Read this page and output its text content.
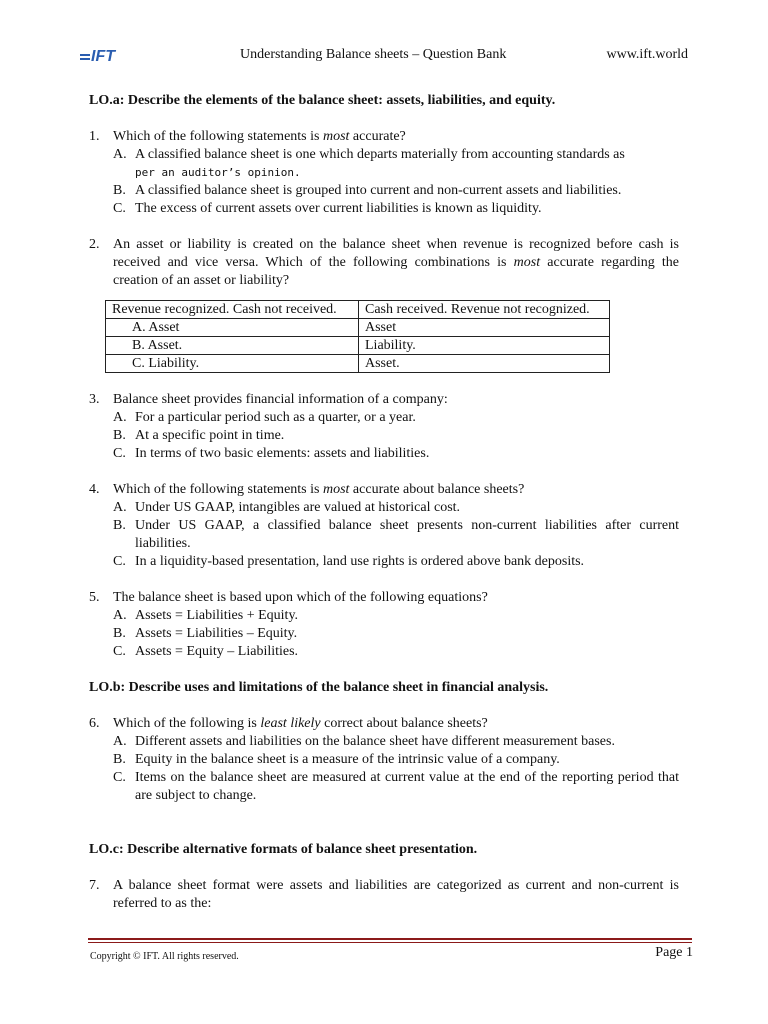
IFT	Understanding Balance sheets – Question Bank	www.ift.world

LO.a: Describe the elements of the balance sheet: assets, liabilities, and equity.

1. Which of the following statements is most accurate?
A. A classified balance sheet is one which departs materially from accounting standards as
per an auditor’s opinion.
B. A classified balance sheet is grouped into current and non-current assets and liabilities.
C. The excess of current assets over current liabilities is known as liquidity.
2. An asset or liability is created on the balance sheet when revenue is recognized before cash is received and vice versa. Which of the following combinations is most accurate regarding the creation of an asset or liability?
Revenue recognized. Cash not received.	Cash received. Revenue not recognized.
A. Asset	Asset
B. Asset.	Liability.
C. Liability.	Asset.
3. Balance sheet provides financial information of a company:
A. For a particular period such as a quarter, or a year.
B. At a specific point in time.
C. In terms of two basic elements: assets and liabilities.
4. Which of the following statements is most accurate about balance sheets?
A. Under US GAAP, intangibles are valued at historical cost.
B. Under US GAAP, a classified balance sheet presents non-current liabilities after current liabilities.
C. In a liquidity-based presentation, land use rights is ordered above bank deposits.
5. The balance sheet is based upon which of the following equations?
A. Assets = Liabilities + Equity.
B. Assets = Liabilities – Equity.
C. Assets = Equity – Liabilities.

LO.b: Describe uses and limitations of the balance sheet in financial analysis.

6. Which of the following is least likely correct about balance sheets?
A. Different assets and liabilities on the balance sheet have different measurement bases.
B. Equity in the balance sheet is a measure of the intrinsic value of a company.
C. Items on the balance sheet are measured at current value at the end of the reporting period that are subject to change.

LO.c: Describe alternative formats of balance sheet presentation.

7. A balance sheet format were assets and liabilities are categorized as current and non-current is referred to as the:
Copyright © IFT. All rights reserved.	Page 1
